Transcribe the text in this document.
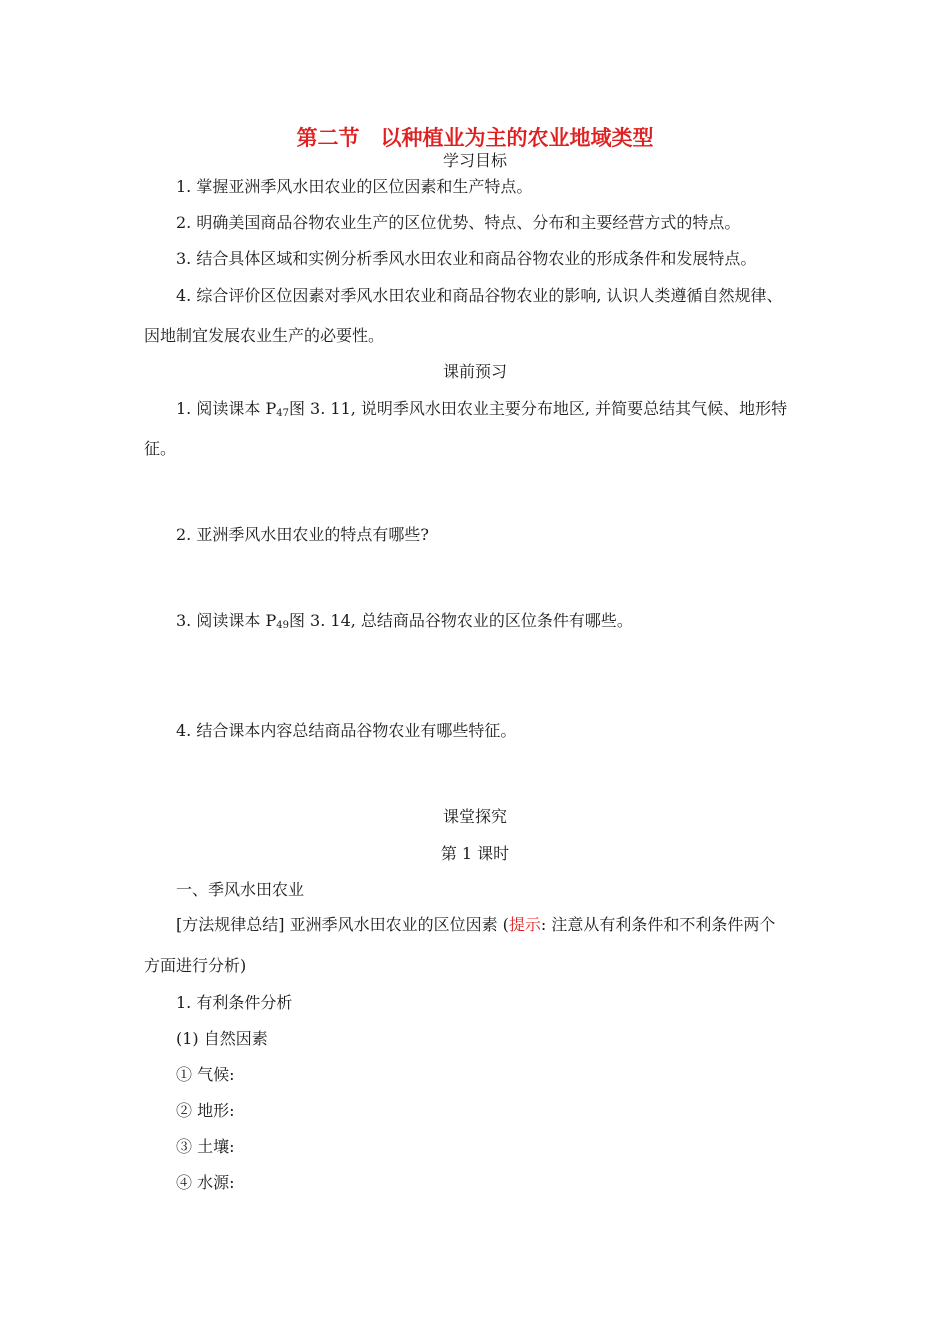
第二节　以种植业为主的农业地域类型
学习目标
1. 掌握亚洲季风水田农业的区位因素和生产特点。
2. 明确美国商品谷物农业生产的区位优势、特点、分布和主要经营方式的特点。
3. 结合具体区域和实例分析季风水田农业和商品谷物农业的形成条件和发展特点。
4. 综合评价区位因素对季风水田农业和商品谷物农业的影响, 认识人类遵循自然规律、
因地制宜发展农业生产的必要性。
课前预习
1. 阅读课本 $P_{47}$图 3. 11, 说明季风水田农业主要分布地区, 并简要总结其气候、地形特
征。
2. 亚洲季风水田农业的特点有哪些?
3. 阅读课本 $P_{49}$图 3. 14, 总结商品谷物农业的区位条件有哪些。
4. 结合课本内容总结商品谷物农业有哪些特征。
课堂探究
第 1 课时
一、季风水田农业
[方法规律总结] 亚洲季风水田农业的区位因素 (提示: 注意从有利条件和不利条件两个
方面进行分析)
1. 有利条件分析
(1) 自然因素
① 气候:
② 地形:
③ 土壤:
④ 水源:
